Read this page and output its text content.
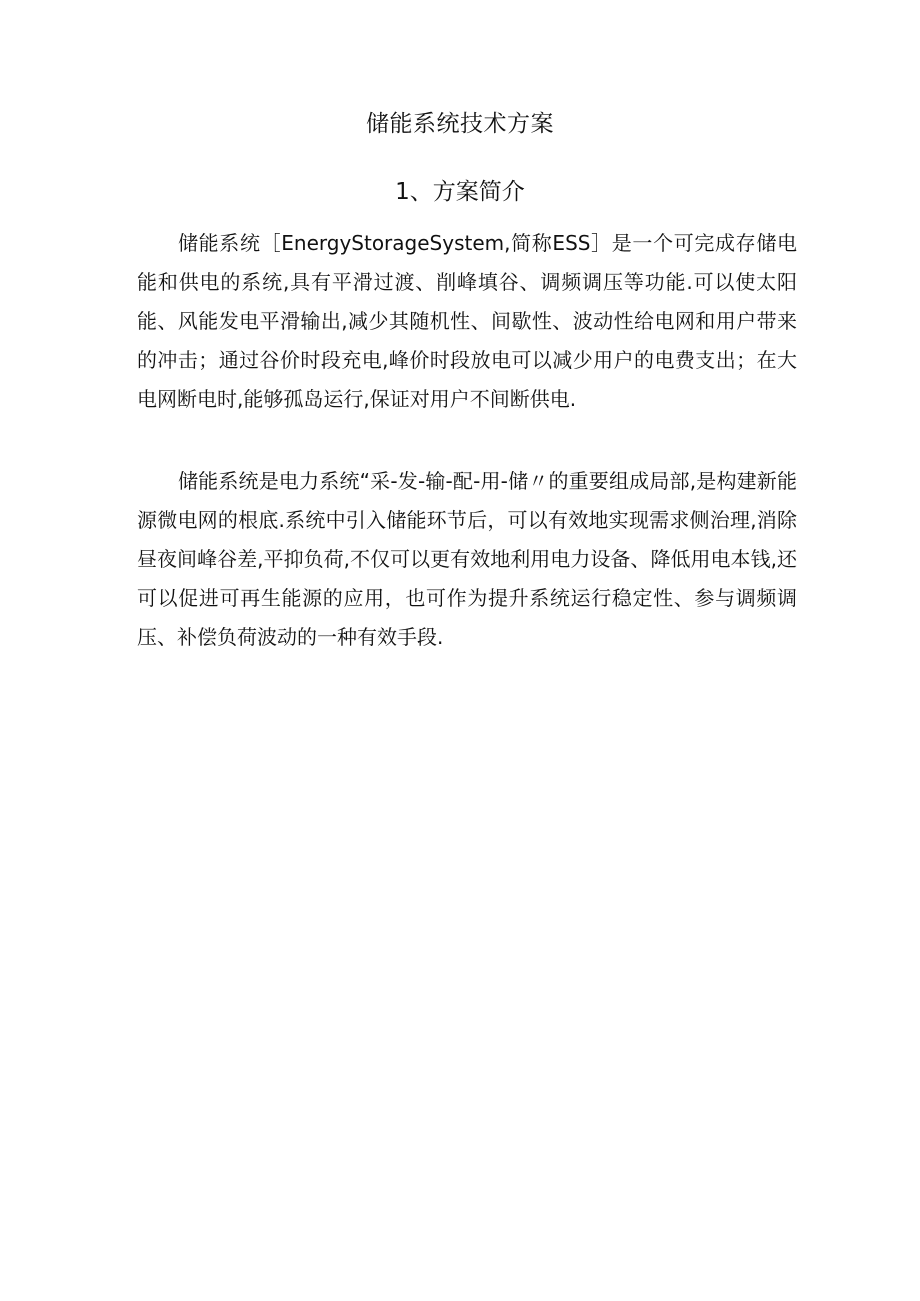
储能系统技术方案
1、方案简介

储能系统［EnergyStorageSystem,简称ESS］是一个可完成存储电能和供电的系统,具有平滑过渡、削峰填谷、调频调压等功能.可以使太阳能、风能发电平滑输出,减少其随机性、间歇性、波动性给电网和用户带来的冲击；通过谷价时段充电,峰价时段放电可以减少用户的电费支出；在大电网断电时,能够孤岛运行,保证对用户不间断供电.

储能系统是电力系统“采-发-输-配-用-储〃的重要组成局部,是构建新能源微电网的根底.系统中引入储能环节后，可以有效地实现需求侧治理,消除昼夜间峰谷差,平抑负荷,不仅可以更有效地利用电力设备、降低用电本钱,还可以促进可再生能源的应用，也可作为提升系统运行稳定性、参与调频调压、补偿负荷波动的一种有效手段.
